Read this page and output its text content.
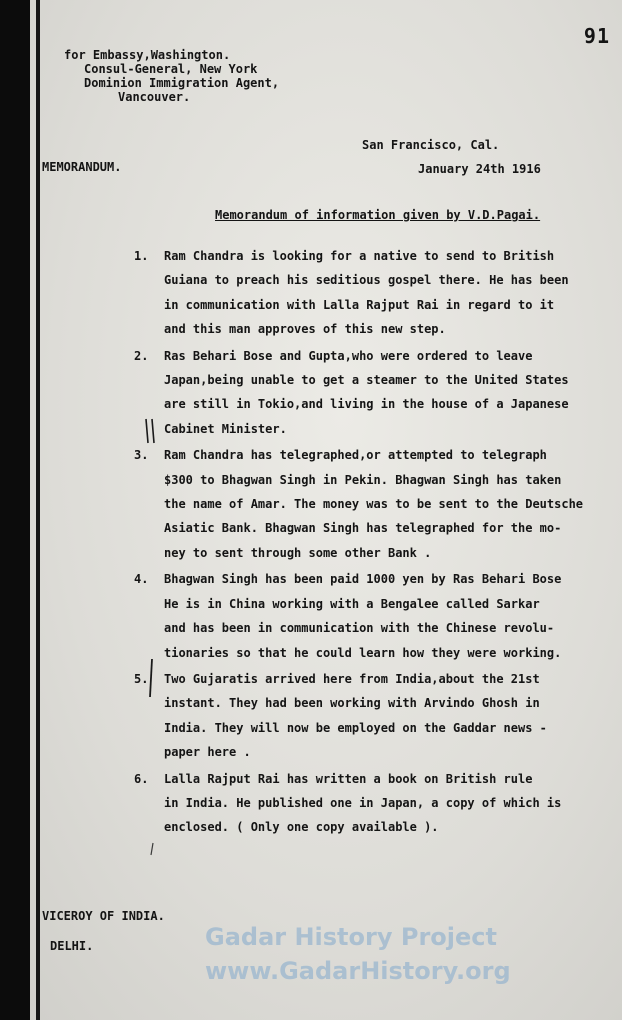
91
for Embassy,Washington.
Consul-General, New York
Dominion Immigration Agent,
Vancouver.
San Francisco, Cal.
January 24th 1916
MEMORANDUM.
Memorandum of information given by V.D.Pagai.
1. Ram Chandra is looking for a native to send to British

Guiana to preach his seditious gospel there. He has been

in communication with Lalla Rajput Rai in regard to it

and this man approves of this new step.

2. Ras Behari Bose and Gupta,who were ordered to leave

Japan,being unable to get a steamer to the United States

are still in Tokio,and living in the house of a Japanese

Cabinet Minister.

3. Ram Chandra has telegraphed,or attempted to telegraph

$300 to Bhagwan Singh in Pekin. Bhagwan Singh has taken

the name of Amar. The money was to be sent to the Deutsche

Asiatic Bank. Bhagwan Singh has telegraphed for the mo-

ney to sent through some other Bank .

4. Bhagwan Singh has been paid 1000 yen by Ras Behari Bose

He is in China working with a Bengalee called Sarkar

and has been in communication with the Chinese revolu-

tionaries so that he could learn how they were working.

5. Two Gujaratis arrived here from India,about the 21st

instant. They had been working with Arvindo Ghosh in

India. They will now be employed on the Gaddar news -

paper here .

6. Lalla Rajput Rai has written a book on British rule

in India. He published one in Japan, a copy of which is

enclosed. ( Only one copy available ).

VICEROY OF INDIA.
DELHI.	Gadar History Project
www.GadarHistory.org
